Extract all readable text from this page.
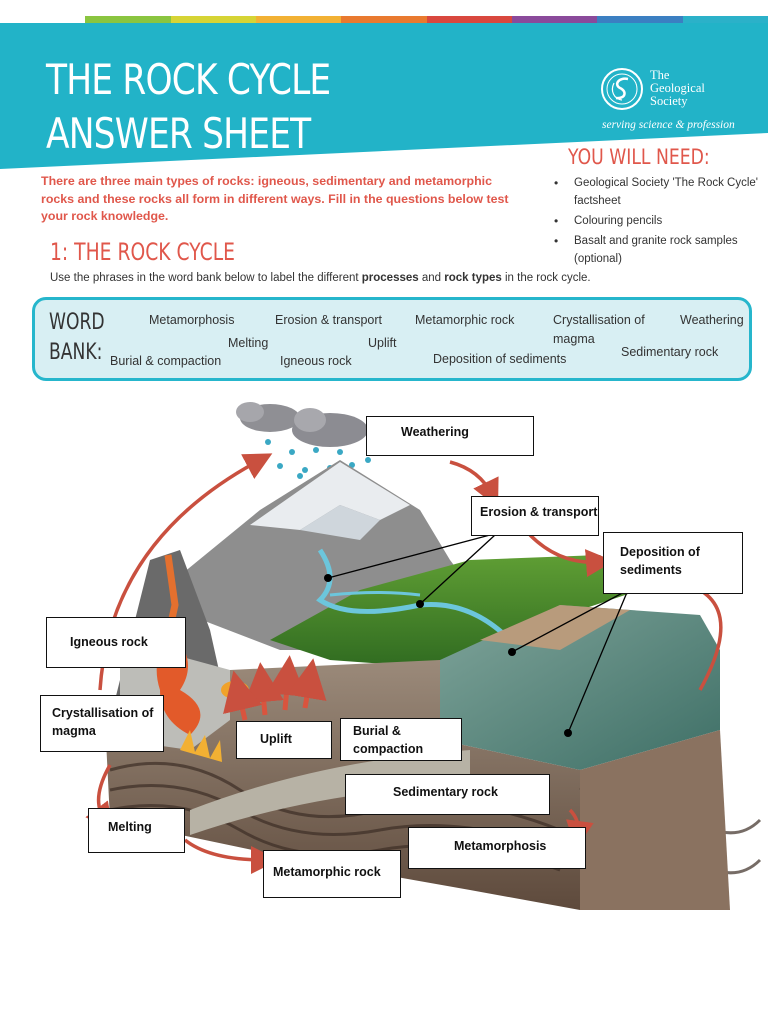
THE ROCK CYCLE
ANSWER SHEET
The
Geological
Society
serving science & profession
YOU WILL NEED:
• Geological Society 'The Rock Cycle' factsheet
• Colouring pencils
• Basalt and granite rock samples (optional)
There are three main types of rocks: igneous, sedimentary and metamorphic rocks and these rocks all form in different ways. Fill in the questions below test your rock knowledge.
1: THE ROCK CYCLE
Use the phrases in the word bank below to label the different processes and rock types in the rock cycle.
WORD
BANK:
Metamorphosis	Erosion & transport	Metamorphic rock	Crystallisation of
magma
Weathering
Melting	Uplift
Burial & compaction	Igneous rock	Deposition of sediments	Sedimentary rock
Weathering
Erosion & transport
Deposition of
sediments
Igneous rock
Crystallisation of
magma
Uplift
Burial &
compaction
Sedimentary rock
Melting
Metamorphosis
Metamorphic rock
